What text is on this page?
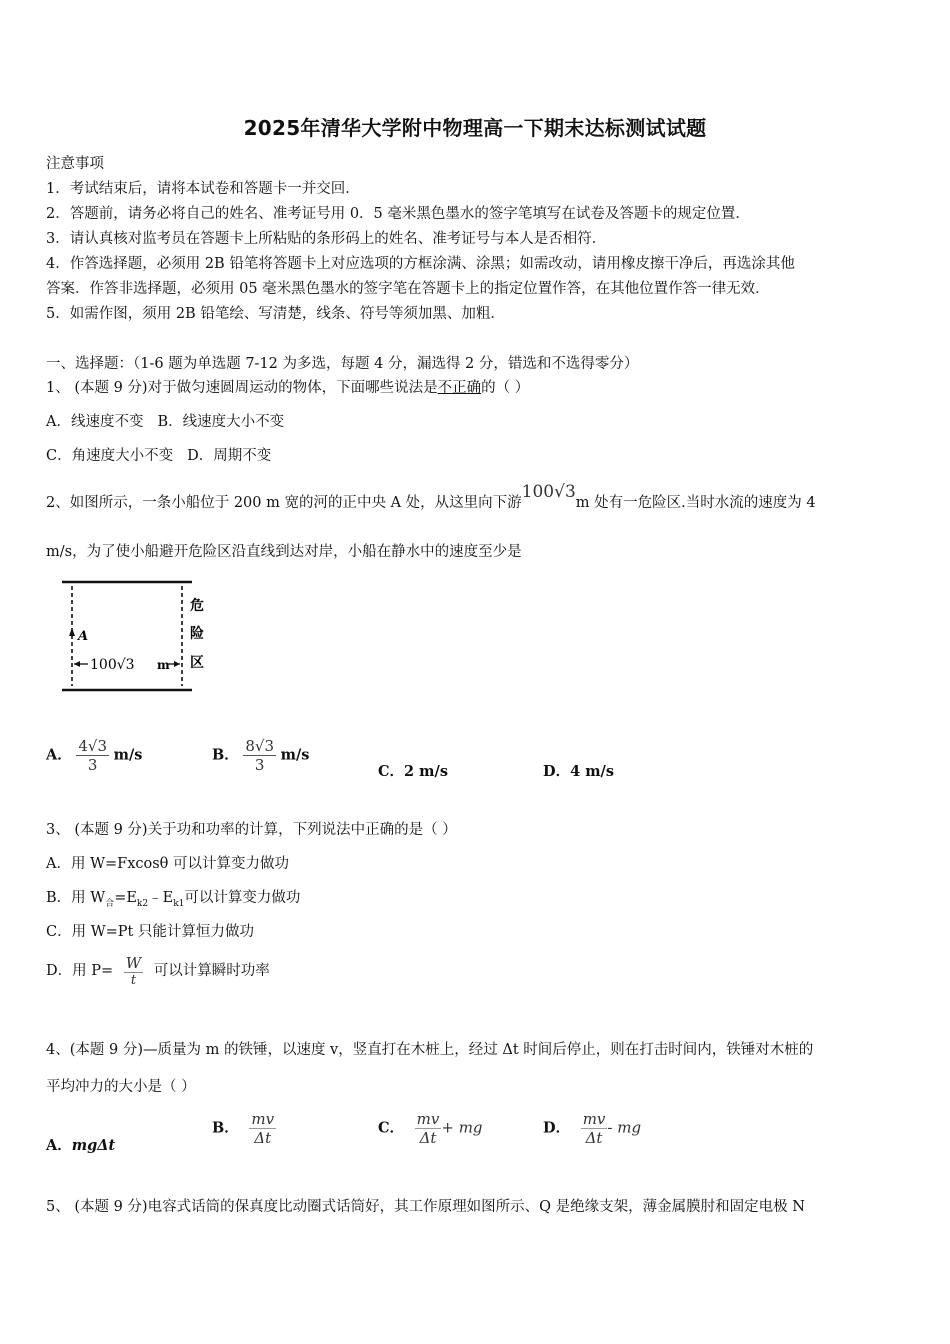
2025年清华大学附中物理高一下期末达标测试试题
注意事项
1．考试结束后，请将本试卷和答题卡一并交回．
2．答题前，请务必将自己的姓名、准考证号用 0．5 毫米黑色墨水的签字笔填写在试卷及答题卡的规定位置．
3．请认真核对监考员在答题卡上所粘贴的条形码上的姓名、准考证号与本人是否相符．
4．作答选择题，必须用 2B 铅笔将答题卡上对应选项的方框涂满、涂黑；如需改动，请用橡皮擦干净后，再选涂其他
答案．作答非选择题，必须用 05 毫米黑色墨水的签字笔在答题卡上的指定位置作答，在其他位置作答一律无效．
5．如需作图，须用 2B 铅笔绘、写清楚，线条、符号等须加黑、加粗．
一、选择题：（1-6 题为单选题 7-12 为多选，每题 4 分，漏选得 2 分，错选和不选得零分）
1、 (本题 9 分)对于做匀速圆周运动的物体，下面哪些说法是不正确的（ ）
A．线速度不变 B．线速度大小不变
C．角速度大小不变 D．周期不变
2、如图所示，一条小船位于 200 m 宽的河的正中央 A 处，从这里向下游100√3m 处有一危险区.当时水流的速度为 4
m/s，为了使小船避开危险区沿直线到达对岸，小船在静水中的速度至少是
A
100√3 m
危
险
区
A． $\frac{4√3}{3} m/s$	B． $\frac{8√3}{3} m/s$
C．2 m/s	D．4 m/s
3、 (本题 9 分)关于功和功率的计算，下列说法中正确的是（ ）
A．用 W=Fxcosθ 可以计算变力做功
B．用 $W_合=E_{k2}﹣E_{k1}$可以计算变力做功
C．用 W=Pt 只能计算恒力做功
D．用 $P= \frac{W}{t}$ 可以计算瞬时功率
4、(本题 9 分)—质量为 m 的铁锤，以速度 v，竖直打在木桩上，经过 Δt 时间后停止，则在打击时间内，铁锤对木桩的
平均冲力的大小是（ ）
A．mgΔt
B． $\frac{mv}{\Delta t}$	C． $\frac{mv}{\Delta t}$ + mg	D． $\frac{mv}{\Delta t}$ - mg
5、 (本题 9 分)电容式话筒的保真度比动圈式话筒好，其工作原理如图所示、Q 是绝缘支架，薄金属膜肘和固定电极 N
